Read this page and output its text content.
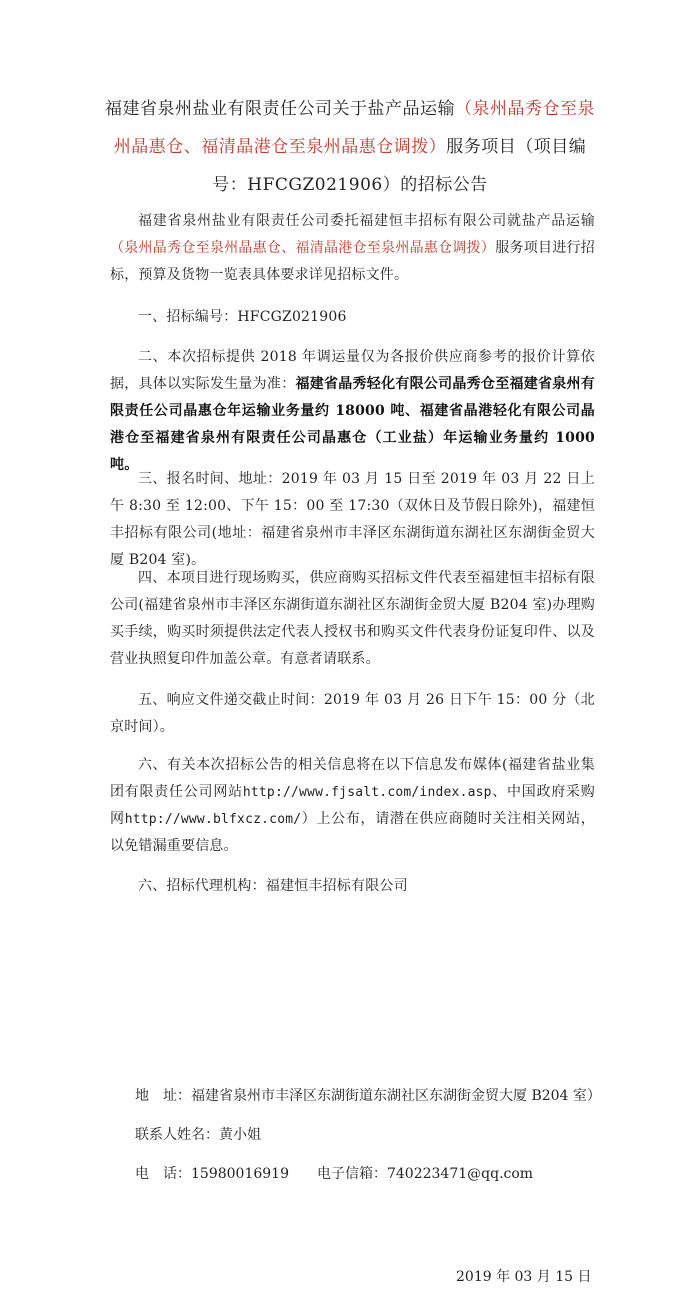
福建省泉州盐业有限责任公司关于盐产品运输（泉州晶秀仓至泉州晶惠仓、福清晶港仓至泉州晶惠仓调拨）服务项目（项目编号：HFCGZ021906）的招标公告
福建省泉州盐业有限责任公司委托福建恒丰招标有限公司就盐产品运输（泉州晶秀仓至泉州晶惠仓、福清晶港仓至泉州晶惠仓调拨）服务项目进行招标，预算及货物一览表具体要求详见招标文件。
一、招标编号：HFCGZ021906
二、本次招标提供 2018 年调运量仅为各报价供应商参考的报价计算依据，具体以实际发生量为准：福建省晶秀轻化有限公司晶秀仓至福建省泉州有限责任公司晶惠仓年运输业务量约 18000 吨、福建省晶港轻化有限公司晶港仓至福建省泉州有限责任公司晶惠仓（工业盐）年运输业务量约 1000 吨。
三、报名时间、地址：2019 年 03 月 15 日至 2019 年 03 月 22 日上午 8:30 至 12:00、下午 15：00 至 17:30（双休日及节假日除外)，福建恒丰招标有限公司(地址：福建省泉州市丰泽区东湖街道东湖社区东湖街金贸大厦 B204 室)。
四、本项目进行现场购买，供应商购买招标文件代表至福建恒丰招标有限公司(福建省泉州市丰泽区东湖街道东湖社区东湖街金贸大厦 B204 室)办理购买手续，购买时须提供法定代表人授权书和购买文件代表身份证复印件、以及营业执照复印件加盖公章。有意者请联系。
五、响应文件递交截止时间：2019 年 03 月 26 日下午 15：00 分（北京时间）。
六、有关本次招标公告的相关信息将在以下信息发布媒体(福建省盐业集团有限责任公司网站http://www.fjsalt.com/index.asp、中国政府采购网http://www.blfxcz.com/）上公布，请潜在供应商随时关注相关网站，以免错漏重要信息。
六、招标代理机构：福建恒丰招标有限公司
地　址：福建省泉州市丰泽区东湖街道东湖社区东湖街金贸大厦 B204 室）
联系人姓名：黄小姐
电　话：15980016919　　电子信箱：740223471@qq.com
2019 年 03 月 15 日
